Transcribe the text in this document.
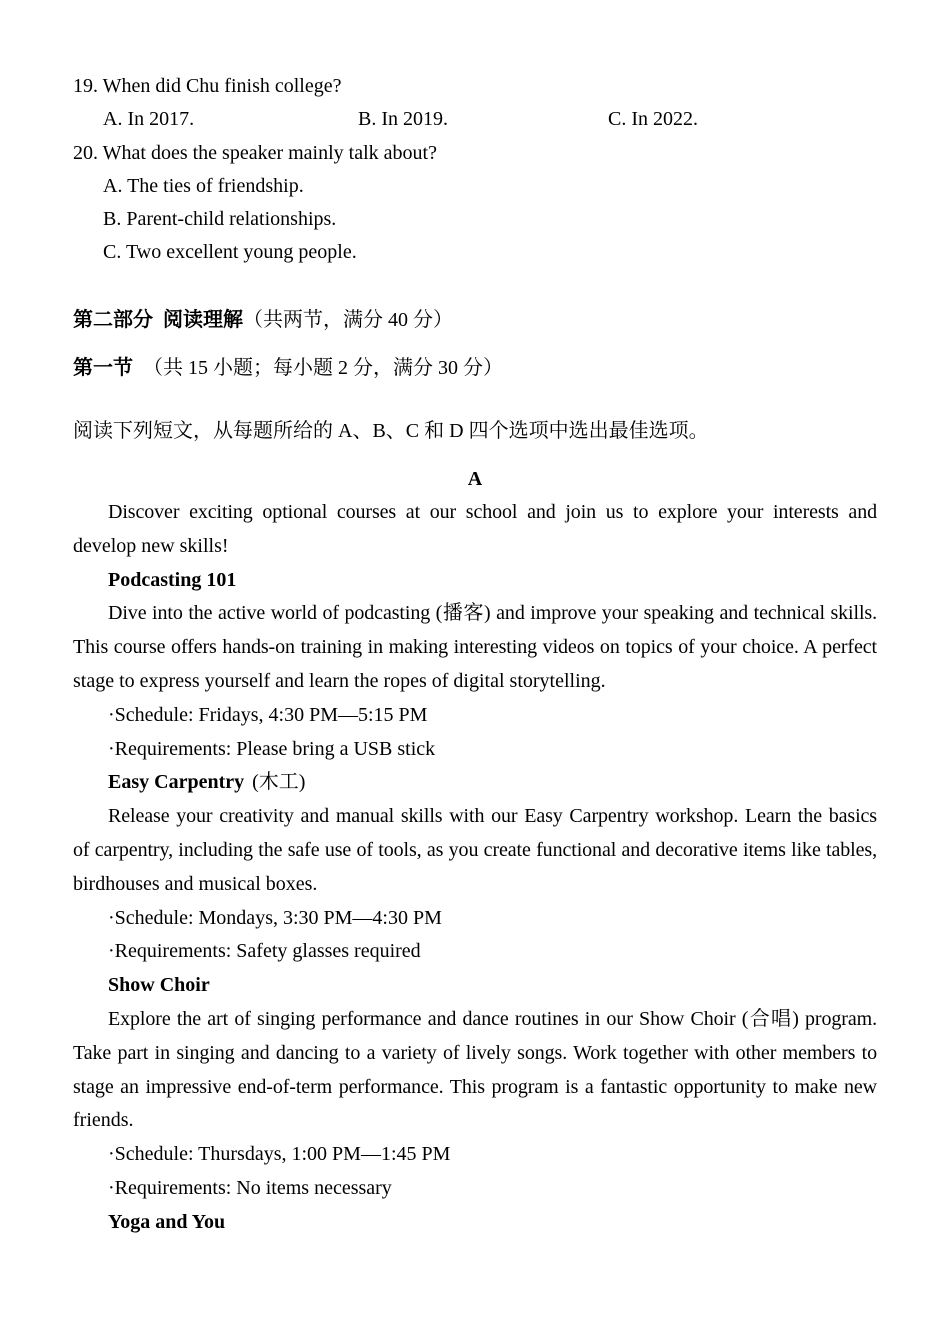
19. When did Chu finish college?
A. In 2017.	B. In 2019.	C. In 2022.
20. What does the speaker mainly talk about?
A. The ties of friendship.
B. Parent-child relationships.
C. Two excellent young people.
第二部分  阅读理解（共两节，满分 40 分）
第一节 （共 15 小题；每小题 2 分，满分 30 分）
阅读下列短文，从每题所给的 A、B、C 和 D 四个选项中选出最佳选项。
A
Discover exciting optional courses at our school and join us to explore your interests and
develop new skills!
Podcasting 101
Dive into the active world of podcasting (播客) and improve your speaking and technical skills.
This course offers hands-on training in making interesting videos on topics of your choice. A perfect
stage to express yourself and learn the ropes of digital storytelling.
·Schedule: Fridays, 4:30 PM—5:15 PM
·Requirements: Please bring a USB stick
Easy Carpentry (木工)
Release your creativity and manual skills with our Easy Carpentry workshop. Learn the basics
of carpentry, including the safe use of tools, as you create functional and decorative items like tables,
birdhouses and musical boxes.
·Schedule: Mondays, 3:30 PM—4:30 PM
·Requirements: Safety glasses required
Show Choir
Explore the art of singing performance and dance routines in our Show Choir (合唱) program.
Take part in singing and dancing to a variety of lively songs. Work together with other members to
stage an impressive end-of-term performance. This program is a fantastic opportunity to make new
friends.
·Schedule: Thursdays, 1:00 PM—1:45 PM
·Requirements: No items necessary
Yoga and You
